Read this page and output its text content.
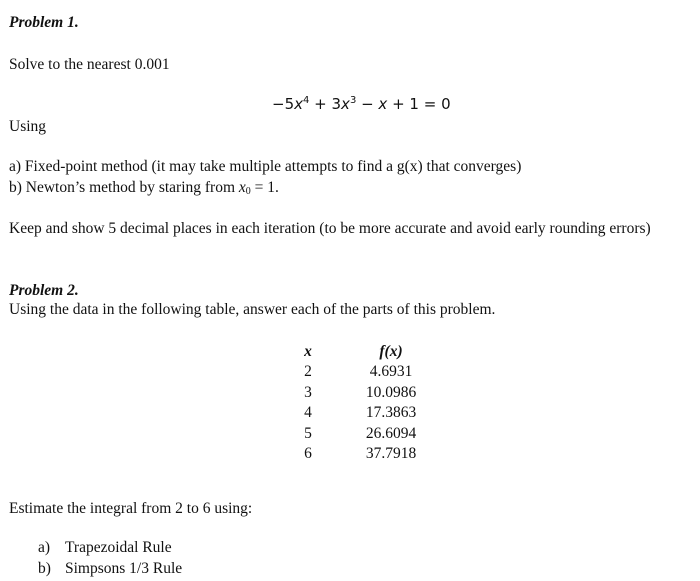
Problem 1.
Solve to the nearest 0.001
$-5x^4 + 3x^3 - x + 1 = 0$
Using
a) Fixed-point method (it may take multiple attempts to find a g(x) that converges)
b) Newton’s method by staring from $x_0 = 1$.
Keep and show 5 decimal places in each iteration (to be more accurate and avoid early rounding errors)
Problem 2.
Using the data in the following table, answer each of the parts of this problem.
x
2
3
4
5
6
f(x)
4.6931
10.0986
17.3863
26.6094
37.7918
Estimate the integral from 2 to 6 using:
a) Trapezoidal Rule
b) Simpsons 1/3 Rule
